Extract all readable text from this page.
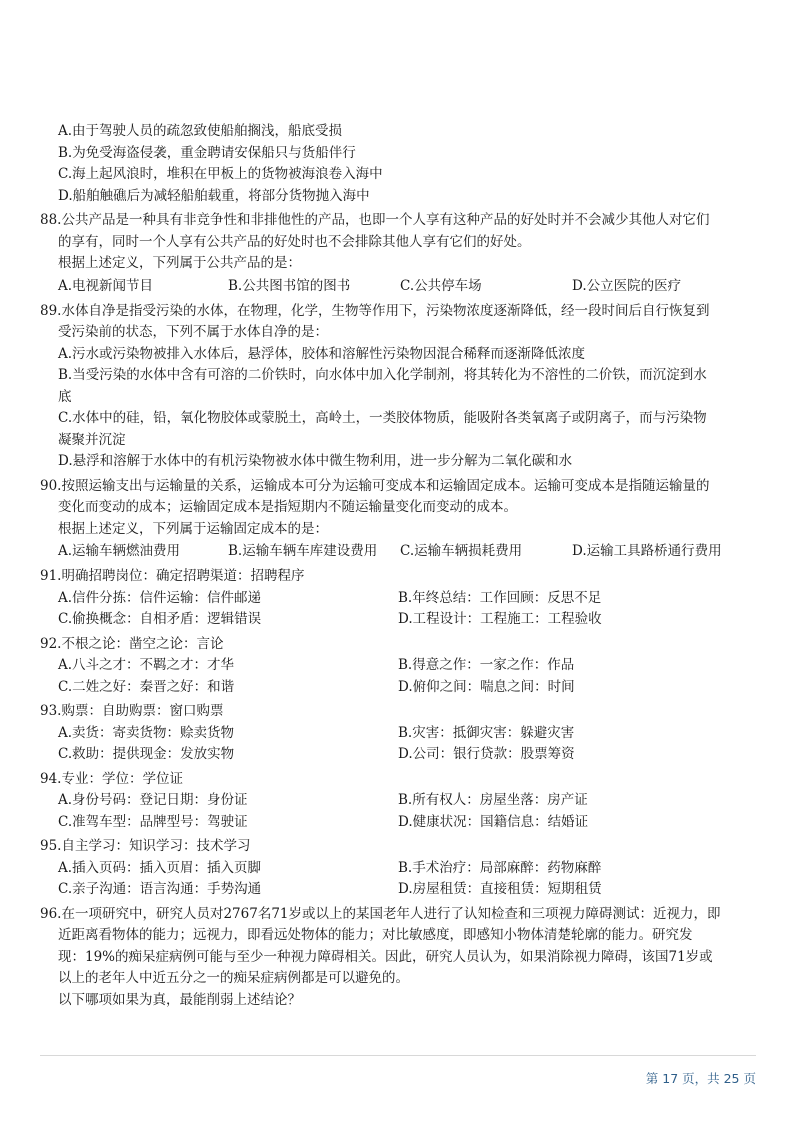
A.由于驾驶人员的疏忽致使船舶搁浅，船底受损
B.为免受海盗侵袭，重金聘请安保船只与货船伴行
C.海上起风浪时，堆积在甲板上的货物被海浪卷入海中
D.船舶触礁后为减轻船舶载重，将部分货物抛入海中
88.公共产品是一种具有非竞争性和非排他性的产品，也即一个人享有这种产品的好处时并不会减少其他人对它们
的享有，同时一个人享有公共产品的好处时也不会排除其他人享有它们的好处。
根据上述定义，下列属于公共产品的是：
A.电视新闻节目	B.公共图书馆的图书	C.公共停车场	D.公立医院的医疗
89.水体自净是指受污染的水体，在物理，化学，生物等作用下，污染物浓度逐渐降低，经一段时间后自行恢复到
受污染前的状态，下列不属于水体自净的是：
A.污水或污染物被排入水体后，悬浮体，胶体和溶解性污染物因混合稀释而逐渐降低浓度
B.当受污染的水体中含有可溶的二价铁时，向水体中加入化学制剂，将其转化为不溶性的二价铁，而沉淀到水
底
C.水体中的硅，铅，氧化物胶体或蒙脱土，高岭土，一类胶体物质，能吸附各类氧离子或阴离子，而与污染物
凝聚并沉淀
D.悬浮和溶解于水体中的有机污染物被水体中微生物利用，进一步分解为二氧化碳和水
90.按照运输支出与运输量的关系，运输成本可分为运输可变成本和运输固定成本。运输可变成本是指随运输量的
变化而变动的成本；运输固定成本是指短期内不随运输量变化而变动的成本。
根据上述定义，下列属于运输固定成本的是：
A.运输车辆燃油费用	B.运输车辆车库建设费用	C.运输车辆损耗费用	D.运输工具路桥通行费用
91.明确招聘岗位：确定招聘渠道：招聘程序
A.信件分拣：信件运输：信件邮递	B.年终总结：工作回顾：反思不足
C.偷换概念：自相矛盾：逻辑错误	D.工程设计：工程施工：工程验收
92.不根之论：凿空之论：言论
A.八斗之才：不羁之才：才华	B.得意之作：一家之作：作品
C.二姓之好：秦晋之好：和谐	D.俯仰之间：喘息之间：时间
93.购票：自助购票：窗口购票
A.卖货：寄卖货物：赊卖货物	B.灾害：抵御灾害：躲避灾害
C.救助：提供现金：发放实物	D.公司：银行贷款：股票筹资
94.专业：学位：学位证
A.身份号码：登记日期：身份证	B.所有权人：房屋坐落：房产证
C.准驾车型：品牌型号：驾驶证	D.健康状况：国籍信息：结婚证
95.自主学习：知识学习：技术学习
A.插入页码：插入页眉：插入页脚	B.手术治疗：局部麻醉：药物麻醉
C.亲子沟通：语言沟通：手势沟通	D.房屋租赁：直接租赁：短期租赁
96.在一项研究中，研究人员对2767名71岁或以上的某国老年人进行了认知检查和三项视力障碍测试：近视力，即
近距离看物体的能力；远视力，即看远处物体的能力；对比敏感度，即感知小物体清楚轮廓的能力。研究发
现：19%的痴呆症病例可能与至少一种视力障碍相关。因此，研究人员认为，如果消除视力障碍，该国71岁或
以上的老年人中近五分之一的痴呆症病例都是可以避免的。
以下哪项如果为真，最能削弱上述结论？
第 17 页，共 25 页
